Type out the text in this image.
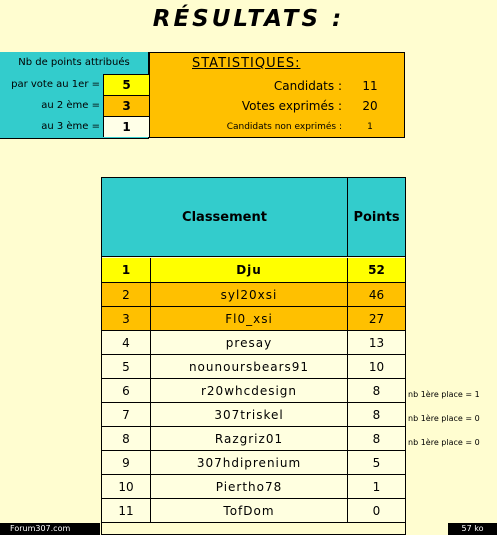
RÉSULTATS :
Nb de points attribués
par vote au 1er =	5
au 2 ème =	3
au 3 ème =	1
STATISTIQUES:
Candidats :	11
Votes exprimés :	20
Candidats non exprimés :	1
Classement	Points
1	Dju	52
2	syl20xsi	46
3	Fl0_xsi	27
4	presay	13
5	nounoursbears91	10
6	r20whcdesign	8
7	307triskel	8
8	Razgriz01	8
9	307hdiprenium	5
10	Piertho78	1
11	TofDom	0
nb 1ère place = 1
nb 1ère place = 0
nb 1ère place = 0
Forum307.com	57 ko
